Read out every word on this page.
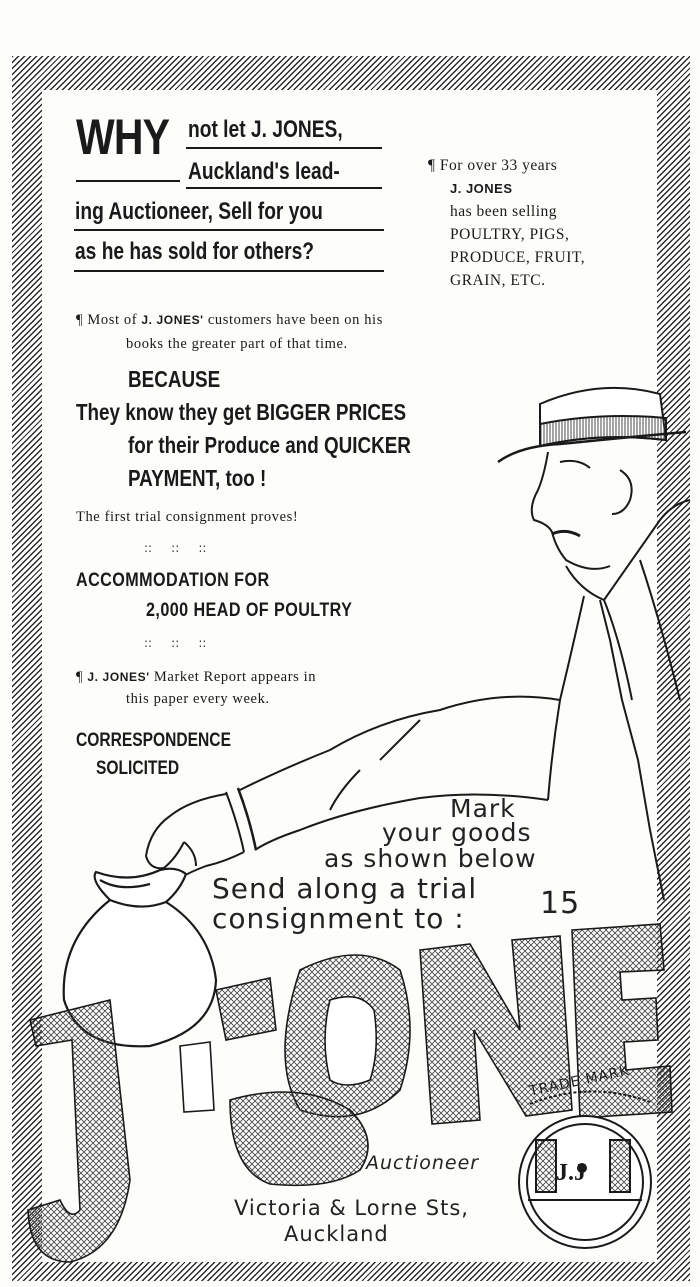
WHY not let J. JONES,
Auckland's lead-
ing Auctioneer, Sell for you
as he has sold for others?
¶ For over 33 years
J. JONES
has been selling
POULTRY, PIGS,
PRODUCE, FRUIT,
GRAIN, ETC.
¶ Most of J. JONES' customers have been on his
books the greater part of that time.
BECAUSE
They know they get BIGGER PRICES
for their Produce and QUICKER
PAYMENT, too !
The first trial consignment proves!
::     ::     ::
ACCOMMODATION FOR
2,000 HEAD OF POULTRY
::     ::     ::
¶ J. JONES' Market Report appears in
this paper every week.
CORRESPONDENCE
SOLICITED
Mark
your goods
as shown below
Send along a trial
consignment to :	15
Auctioneer
Victoria & Lorne Sts,
Auckland
TRADE MARK
J.J
